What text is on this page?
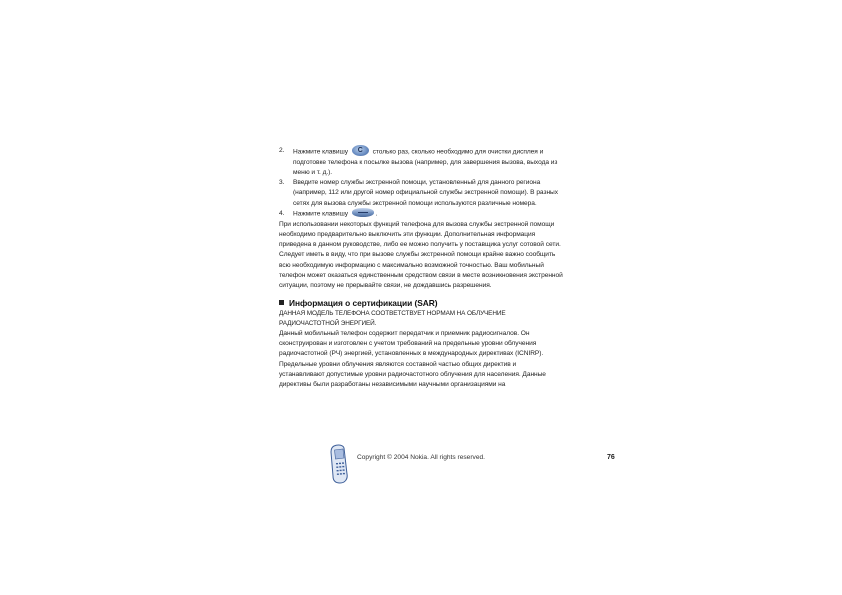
2. Нажмите клавишу	C	столько раз, сколько необходимо для очистки дисплея и подготовке телефона к посылке вызова (например, для завершения вызова, выхода из меню и т. д.).
3. Введите номер службы экстренной помощи, установленный для данного региона (например, 112 или другой номер официальной службы экстренной помощи). В разных сетях для вызова службы экстренной помощи используются различные номера.
4. Нажмите клавишу	.

При использовании некоторых функций телефона для вызова службы экстренной помощи необходимо предварительно выключить эти функции. Дополнительная информация приведена в данном руководстве, либо ее можно получить у поставщика услуг сотовой сети.

Следует иметь в виду, что при вызове службы экстренной помощи крайне важно сообщить всю необходимую информацию с максимально возможной точностью. Ваш мобильный телефон может оказаться единственным средством связи в месте возникновения экстренной ситуации, поэтому не прерывайте связи, не дождавшись разрешения.

Информация о сертификации (SAR)

ДАННАЯ МОДЕЛЬ ТЕЛЕФОНА СООТВЕТСТВУЕТ НОРМАМ НА ОБЛУЧЕНИЕ РАДИОЧАСТОТНОЙ ЭНЕРГИЕЙ.

Данный мобильный телефон содержит передатчик и приемник радиосигналов. Он сконструирован и изготовлен с учетом требований на предельные уровни облучения радиочастотной (РЧ) энергией, установленных в международных директивах (ICNIRP). Предельные уровни облучения являются составной частью общих директив и устанавливают допустимые уровни радиочастотного облучения для населения. Данные директивы были разработаны независимыми научными организациями на

Copyright © 2004 Nokia. All rights reserved.	76
